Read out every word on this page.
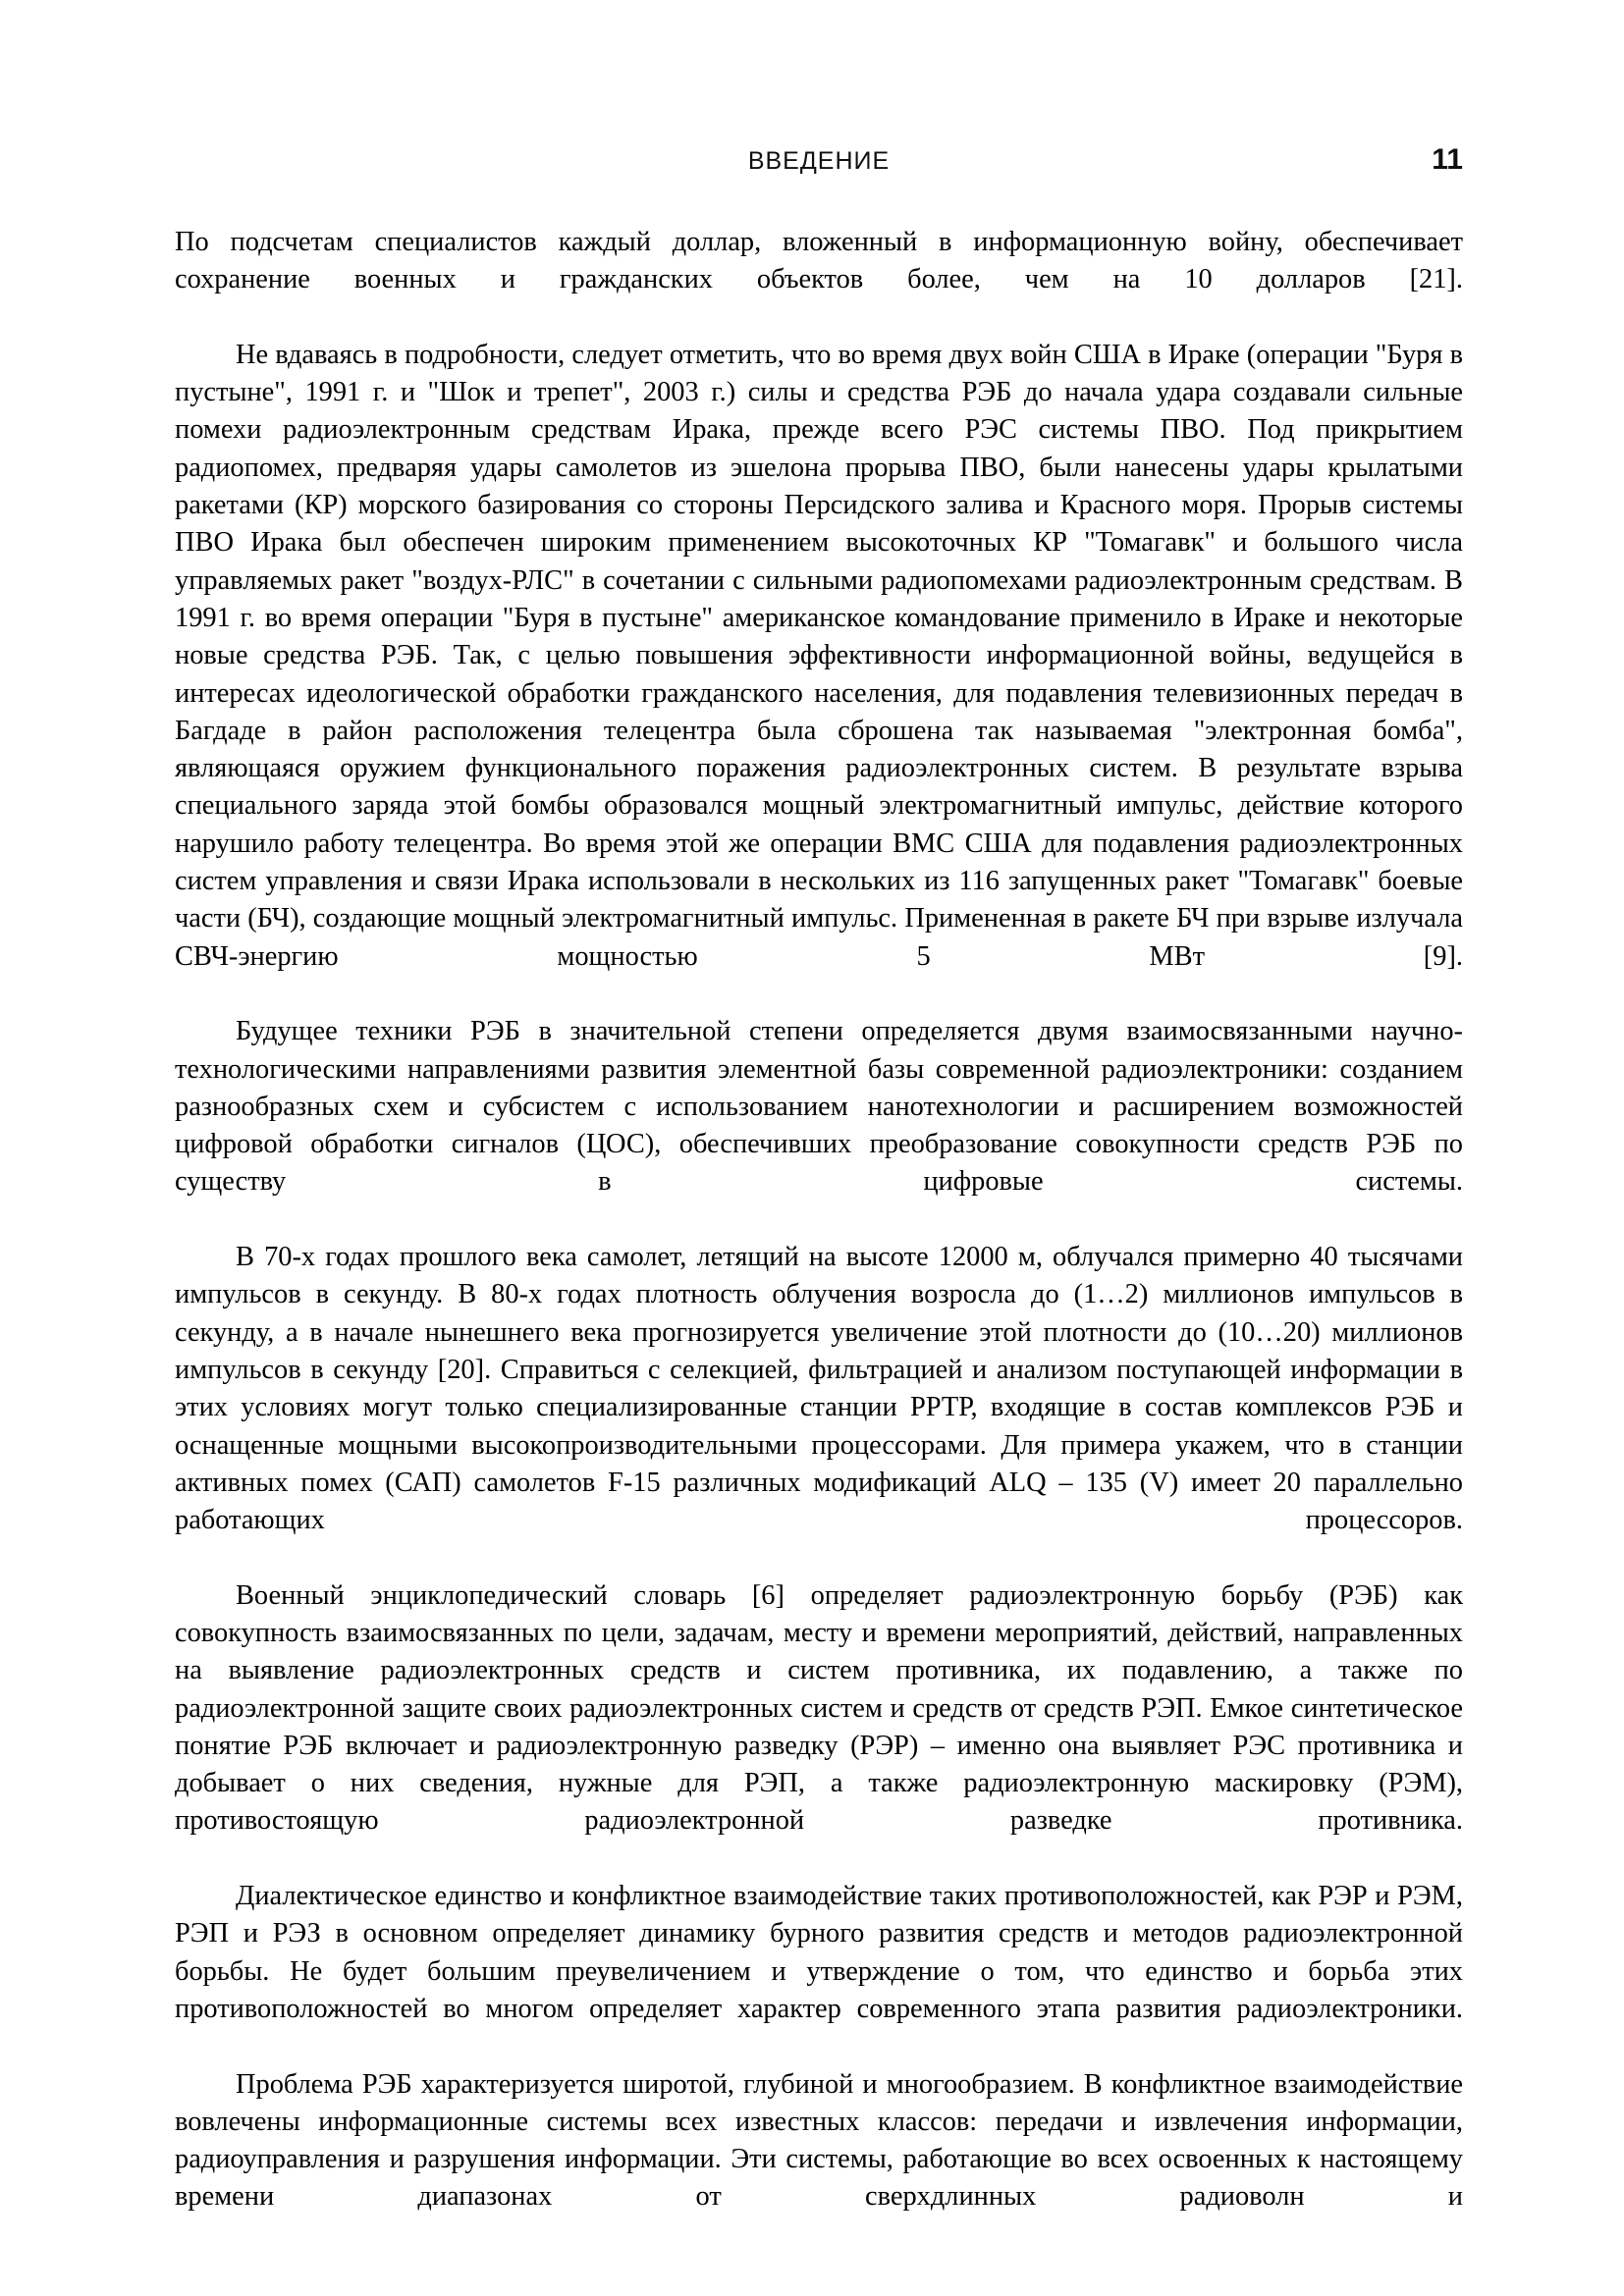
ВВЕДЕНИЕ	11

По подсчетам специалистов каждый доллар, вложенный в информационную войну, обеспечивает сохранение военных и гражданских объектов более, чем на 10 долларов [21].

Не вдаваясь в подробности, следует отметить, что во время двух войн США в Ираке (операции "Буря в пустыне", 1991 г. и "Шок и трепет", 2003 г.) силы и средства РЭБ до начала удара создавали сильные помехи радиоэлектронным средствам Ирака, прежде всего РЭС системы ПВО. Под прикрытием радиопомех, предваряя удары самолетов из эшелона прорыва ПВО, были нанесены удары крылатыми ракетами (КР) морского базирования со стороны Персидского залива и Красного моря. Прорыв системы ПВО Ирака был обеспечен широким применением высокоточных КР "Томагавк" и большого числа управляемых ракет "воздух-РЛС" в сочетании с сильными радиопомехами радиоэлектронным средствам. В 1991 г. во время операции "Буря в пустыне" американское командование применило в Ираке и некоторые новые средства РЭБ. Так, с целью повышения эффективности информационной войны, ведущейся в интересах идеологической обработки гражданского населения, для подавления телевизионных передач в Багдаде в район расположения телецентра была сброшена так называемая "электронная бомба", являющаяся оружием функционального поражения радиоэлектронных систем. В результате взрыва специального заряда этой бомбы образовался мощный электромагнитный импульс, действие которого нарушило работу телецентра. Во время этой же операции ВМС США для подавления радиоэлектронных систем управления и связи Ирака использовали в нескольких из 116 запущенных ракет "Томагавк" боевые части (БЧ), создающие мощный электромагнитный импульс. Примененная в ракете БЧ при взрыве излучала СВЧ-энергию мощностью 5 МВт [9].

Будущее техники РЭБ в значительной степени определяется двумя взаимосвязанными научно-технологическими направлениями развития элементной базы современной радиоэлектроники: созданием разнообразных схем и субсистем с использованием нанотехнологии и расширением возможностей цифровой обработки сигналов (ЦОС), обеспечивших преобразование совокупности средств РЭБ по существу в цифровые системы.

В 70-х годах прошлого века самолет, летящий на высоте 12000 м, облучался примерно 40 тысячами импульсов в секунду. В 80-х годах плотность облучения возросла до (1…2) миллионов импульсов в секунду, а в начале нынешнего века прогнозируется увеличение этой плотности до (10…20) миллионов импульсов в секунду [20]. Справиться с селекцией, фильтрацией и анализом поступающей информации в этих условиях могут только специализированные станции РРТР, входящие в состав комплексов РЭБ и оснащенные мощными высокопроизводительными процессорами. Для примера укажем, что в станции активных помех (САП) самолетов F-15 различных модификаций ALQ – 135 (V) имеет 20 параллельно работающих процессоров.

Военный энциклопедический словарь [6] определяет радиоэлектронную борьбу (РЭБ) как совокупность взаимосвязанных по цели, задачам, месту и времени мероприятий, действий, направленных на выявление радиоэлектронных средств и систем противника, их подавлению, а также по радиоэлектронной защите своих радиоэлектронных систем и средств от средств РЭП. Емкое синтетическое понятие РЭБ включает и радиоэлектронную разведку (РЭР) – именно она выявляет РЭС противника и добывает о них сведения, нужные для РЭП, а также радиоэлектронную маскировку (РЭМ), противостоящую радиоэлектронной разведке противника.

Диалектическое единство и конфликтное взаимодействие таких противоположностей, как РЭР и РЭМ, РЭП и РЭЗ в основном определяет динамику бурного развития средств и методов радиоэлектронной борьбы. Не будет большим преувеличением и утверждение о том, что единство и борьба этих противоположностей во многом определяет характер современного этапа развития радиоэлектроники.

Проблема РЭБ характеризуется широтой, глубиной и многообразием. В конфликтное взаимодействие вовлечены информационные системы всех известных классов: передачи и извлечения информации, радиоуправления и разрушения информации. Эти системы, работающие во всех освоенных к настоящему времени диапазонах от сверхдлинных радиоволн и
